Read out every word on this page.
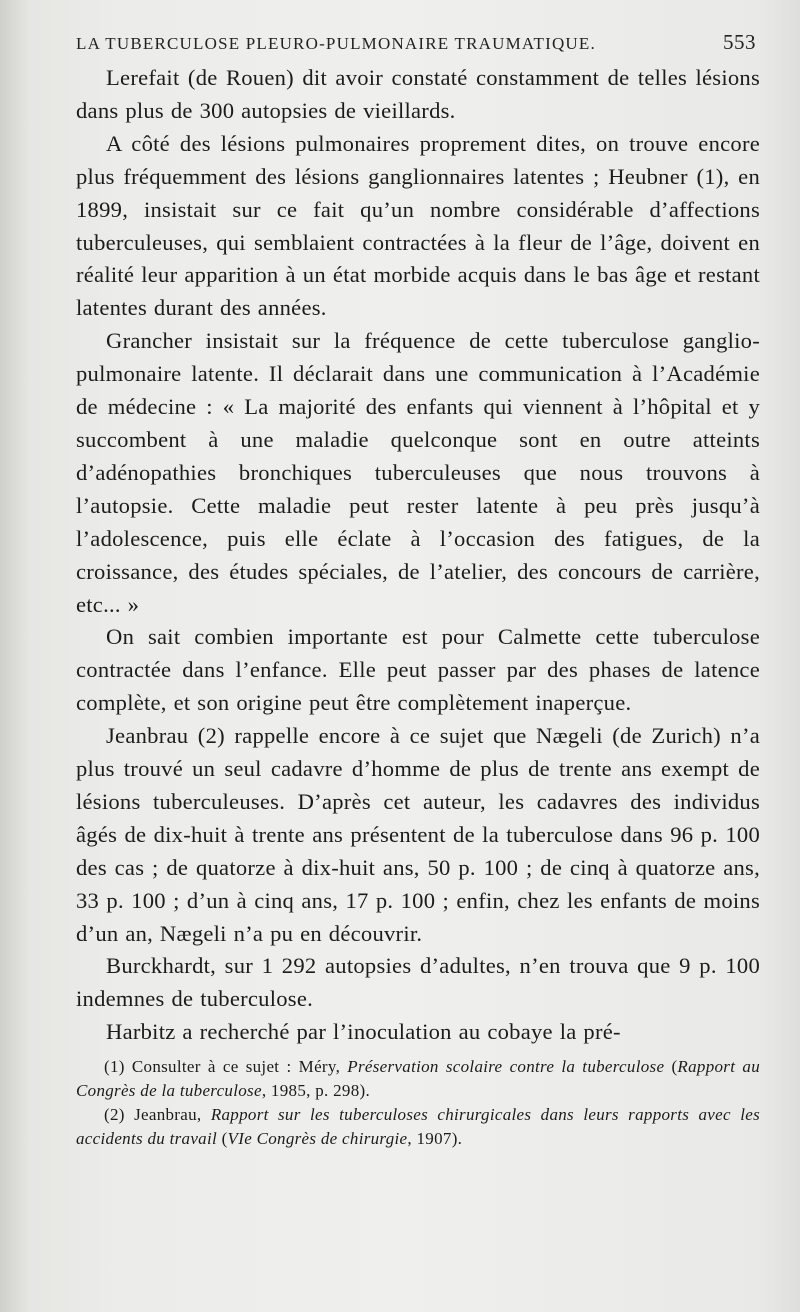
LA TUBERCULOSE PLEURO-PULMONAIRE TRAUMATIQUE.	553

Lerefait (de Rouen) dit avoir constaté constamment de telles lésions dans plus de 300 autopsies de vieillards.

A côté des lésions pulmonaires proprement dites, on trouve encore plus fréquemment des lésions ganglionnaires latentes ; Heubner (1), en 1899, insistait sur ce fait qu’un nombre considérable d’affections tuberculeuses, qui semblaient contractées à la fleur de l’âge, doivent en réalité leur apparition à un état morbide acquis dans le bas âge et restant latentes durant des années.

Grancher insistait sur la fréquence de cette tuberculose ganglio-pulmonaire latente. Il déclarait dans une communication à l’Académie de médecine : « La majorité des enfants qui viennent à l’hôpital et y succombent à une maladie quelconque sont en outre atteints d’adénopathies bronchiques tuberculeuses que nous trouvons à l’autopsie. Cette maladie peut rester latente à peu près jusqu’à l’adolescence, puis elle éclate à l’occasion des fatigues, de la croissance, des études spéciales, de l’atelier, des concours de carrière, etc... »

On sait combien importante est pour Calmette cette tuberculose contractée dans l’enfance. Elle peut passer par des phases de latence complète, et son origine peut être complètement inaperçue.

Jeanbrau (2) rappelle encore à ce sujet que Nægeli (de Zurich) n’a plus trouvé un seul cadavre d’homme de plus de trente ans exempt de lésions tuberculeuses. D’après cet auteur, les cadavres des individus âgés de dix-huit à trente ans présentent de la tuberculose dans 96 p. 100 des cas ; de quatorze à dix-huit ans, 50 p. 100 ; de cinq à quatorze ans, 33 p. 100 ; d’un à cinq ans, 17 p. 100 ; enfin, chez les enfants de moins d’un an, Nægeli n’a pu en découvrir.

Burckhardt, sur 1 292 autopsies d’adultes, n’en trouva que 9 p. 100 indemnes de tuberculose.

Harbitz a recherché par l’inoculation au cobaye la pré-

(1) Consulter à ce sujet : Méry, Préservation scolaire contre la tuberculose (Rapport au Congrès de la tuberculose, 1985, p. 298).

(2) Jeanbrau, Rapport sur les tuberculoses chirurgicales dans leurs rapports avec les accidents du travail (VIe Congrès de chirurgie, 1907).
